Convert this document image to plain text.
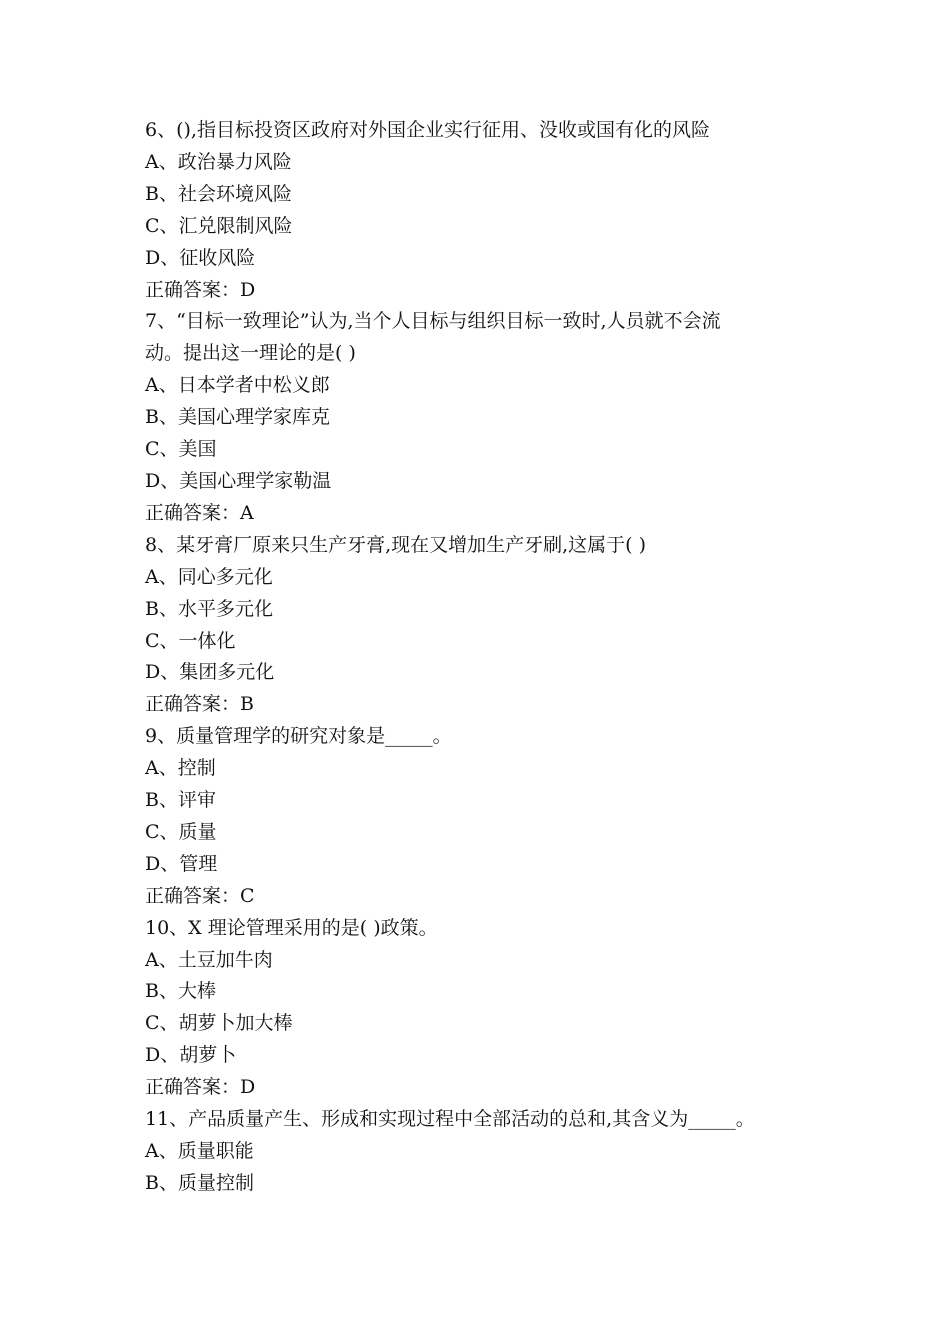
6、(),指目标投资区政府对外国企业实行征用、没收或国有化的风险

A、政治暴力风险

B、社会环境风险

C、汇兑限制风险

D、征收风险

正确答案：D

7、“目标一致理论”认为,当个人目标与组织目标一致时,人员就不会流

动。提出这一理论的是( )

A、日本学者中松义郎

B、美国心理学家库克

C、美国

D、美国心理学家勒温

正确答案：A

8、某牙膏厂原来只生产牙膏,现在又增加生产牙刷,这属于( )

A、同心多元化

B、水平多元化

C、一体化

D、集团多元化

正确答案：B

9、质量管理学的研究对象是_____。

A、控制

B、评审

C、质量

D、管理

正确答案：C

10、X 理论管理采用的是( )政策。

A、土豆加牛肉

B、大棒

C、胡萝卜加大棒

D、胡萝卜

正确答案：D

11、产品质量产生、形成和实现过程中全部活动的总和,其含义为_____。

A、质量职能

B、质量控制
